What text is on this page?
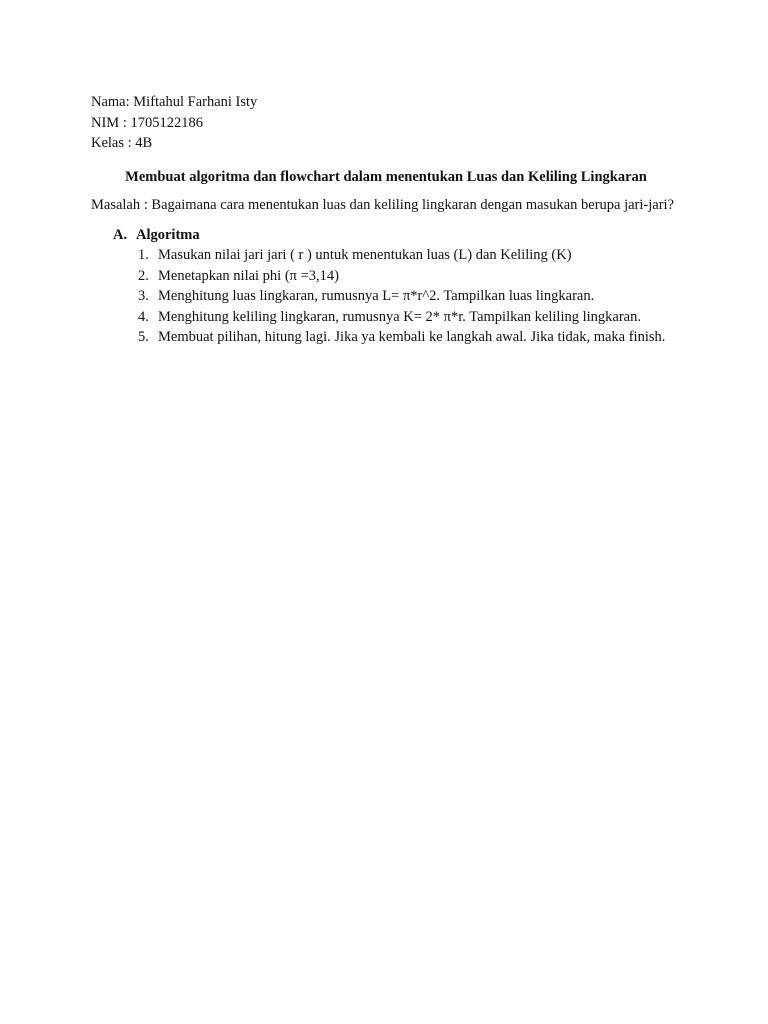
Nama: Miftahul Farhani Isty
NIM : 1705122186
Kelas : 4B
Membuat algoritma dan flowchart dalam menentukan Luas dan Keliling Lingkaran
Masalah : Bagaimana cara menentukan luas dan keliling lingkaran dengan masukan berupa jari-jari?
A. Algoritma
1. Masukan nilai jari jari ( r ) untuk menentukan luas (L) dan Keliling (K)
2. Menetapkan nilai phi (π =3,14)
3. Menghitung luas lingkaran, rumusnya L= π*r^2. Tampilkan luas lingkaran.
4. Menghitung keliling lingkaran, rumusnya K= 2* π*r. Tampilkan keliling lingkaran.
5. Membuat pilihan, hitung lagi. Jika ya kembali ke langkah awal. Jika tidak, maka finish.
